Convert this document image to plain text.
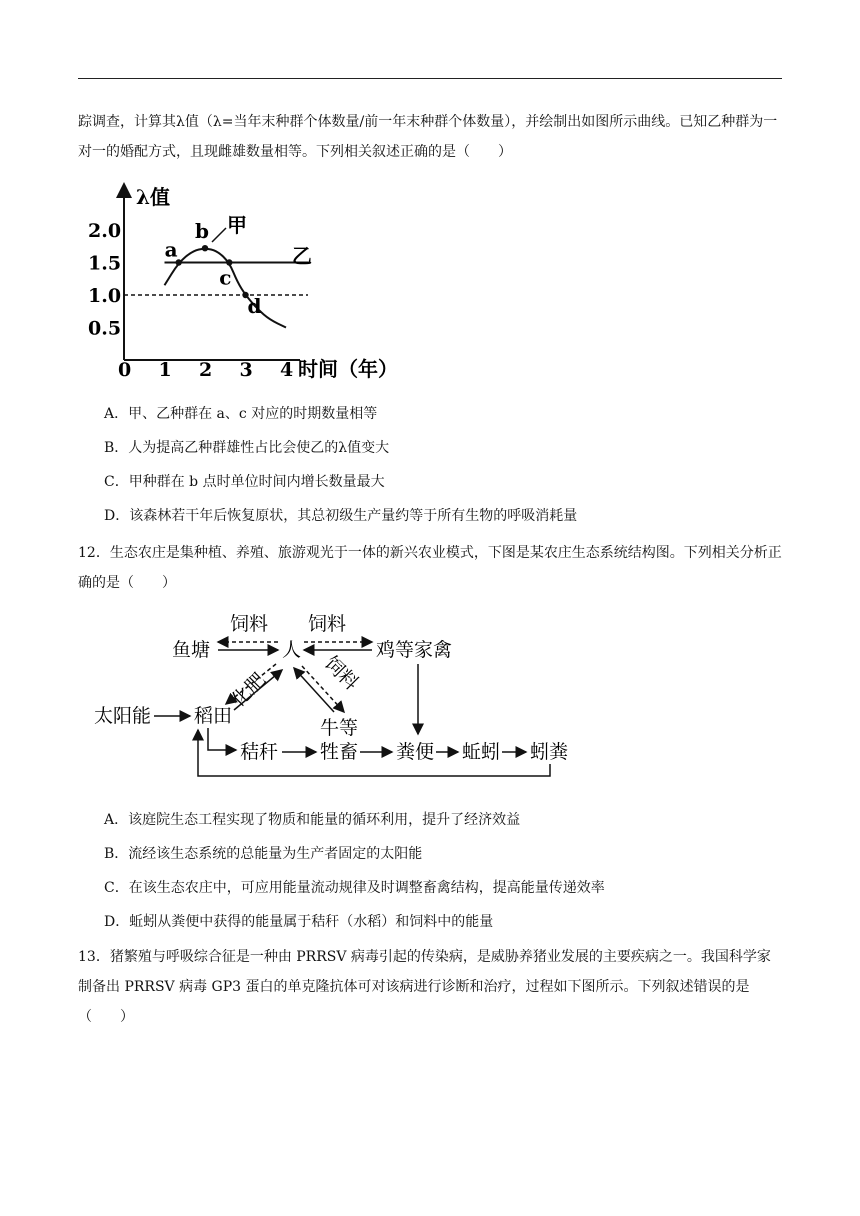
踪调查，计算其λ值（λ=当年末种群个体数量/前一年末种群个体数量），并绘制出如图所示曲线。已知乙种群为一对一的婚配方式，且现雌雄数量相等。下列相关叙述正确的是（　　）
λ值
时间（年）
0 1 2 3 4
0.5
1.0
1.5
2.0
a
b
c
d
甲
乙
A．甲、乙种群在 a、c 对应的时期数量相等
B．人为提高乙种群雄性占比会使乙的λ值变大
C．甲种群在 b 点时单位时间内增长数量最大
D．该森林若干年后恢复原状，其总初级生产量约等于所有生物的呼吸消耗量
12．生态农庄是集种植、养殖、旅游观光于一体的新兴农业模式，下图是某农庄生态系统结构图。下列相关分析正确的是（　　）
鱼塘	人	鸡等家禽
太阳能 稻田
秸秆
牛等
牲畜 粪便 蚯蚓 蚓粪
饲料 饲料
化肥	饲料
A．该庭院生态工程实现了物质和能量的循环利用，提升了经济效益
B．流经该生态系统的总能量为生产者固定的太阳能
C．在该生态农庄中，可应用能量流动规律及时调整畜禽结构，提高能量传递效率
D．蚯蚓从粪便中获得的能量属于秸秆（水稻）和饲料中的能量
13．猪繁殖与呼吸综合征是一种由 PRRSV 病毒引起的传染病，是威胁养猪业发展的主要疾病之一。我国科学家制备出 PRRSV 病毒 GP3 蛋白的单克隆抗体可对该病进行诊断和治疗，过程如下图所示。下列叙述错误的是（　　）
